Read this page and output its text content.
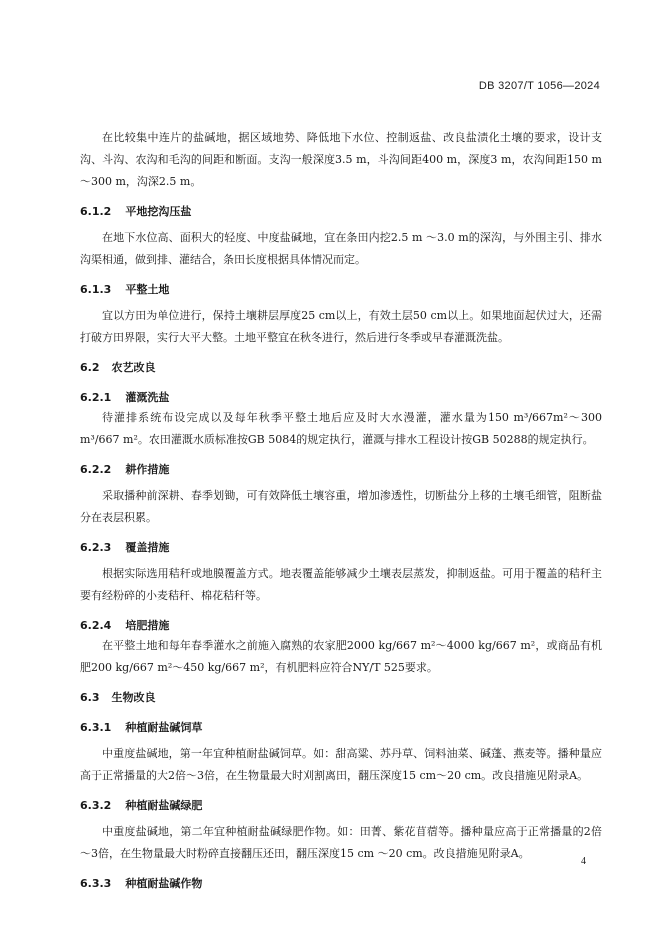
DB 3207/T 1056—2024

在比较集中连片的盐碱地，据区域地势、降低地下水位、控制返盐、改良盐渍化土壤的要求，设计支沟、斗沟、农沟和毛沟的间距和断面。支沟一般深度3.5 m，斗沟间距400 m，深度3 m，农沟间距150 m～300 m，沟深2.5 m。

6.1.2 平地挖沟压盐

在地下水位高、面积大的轻度、中度盐碱地，宜在条田内挖2.5 m ～3.0 m的深沟，与外围主引、排水沟渠相通，做到排、灌结合，条田长度根据具体情况而定。

6.1.3 平整土地

宜以方田为单位进行，保持土壤耕层厚度25 cm以上，有效土层50 cm以上。如果地面起伏过大，还需打破方田界限，实行大平大整。土地平整宜在秋冬进行，然后进行冬季或早春灌溉洗盐。

6.2 农艺改良
6.2.1 灌溉洗盐

待灌排系统布设完成以及每年秋季平整土地后应及时大水漫灌，灌水量为150 m³/667m²～300 m³/667 m²。农田灌溉水质标准按GB 5084的规定执行，灌溉与排水工程设计按GB 50288的规定执行。

6.2.2 耕作措施

采取播种前深耕、春季划锄，可有效降低土壤容重，增加渗透性，切断盐分上移的土壤毛细管，阻断盐分在表层积累。

6.2.3 覆盖措施

根据实际选用秸秆或地膜覆盖方式。地表覆盖能够减少土壤表层蒸发，抑制返盐。可用于覆盖的秸秆主要有经粉碎的小麦秸秆、棉花秸秆等。

6.2.4 培肥措施

在平整土地和每年春季灌水之前施入腐熟的农家肥2000 kg/667 m²～4000 kg/667 m²，或商品有机肥200 kg/667 m²～450 kg/667 m²，有机肥料应符合NY/T 525要求。

6.3 生物改良
6.3.1 种植耐盐碱饲草

中重度盐碱地，第一年宜种植耐盐碱饲草。如：甜高粱、苏丹草、饲料油菜、碱蓬、燕麦等。播种量应高于正常播量的大2倍～3倍，在生物量最大时刈割离田，翻压深度15 cm～20 cm。改良措施见附录A。

6.3.2 种植耐盐碱绿肥

中重度盐碱地，第二年宜种植耐盐碱绿肥作物。如：田菁、紫花苜蓿等。播种量应高于正常播量的2倍～3倍，在生物量最大时粉碎直接翻压还田，翻压深度15 cm ～20 cm。改良措施见附录A。

6.3.3 种植耐盐碱作物
4
